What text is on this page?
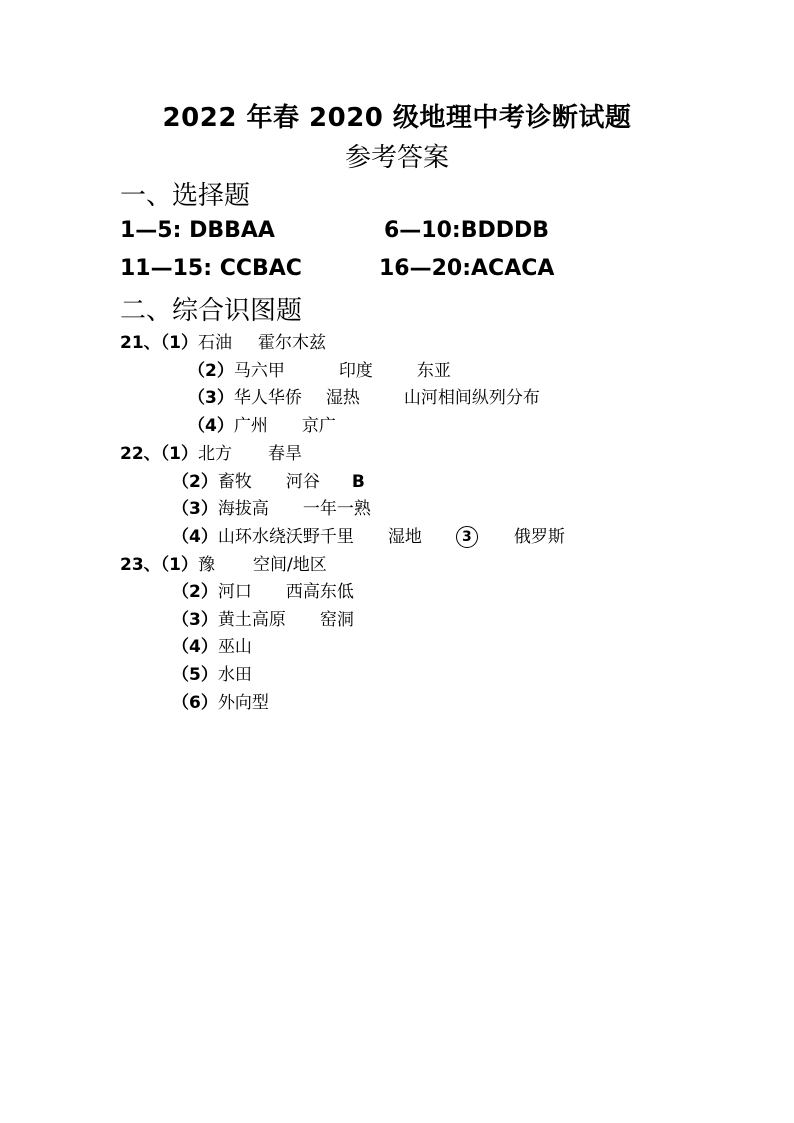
2022 年春 2020 级地理中考诊断试题
参考答案
一、选择题
1—5: DBBAA	6—10:BDDDB
11—15: CCBAC	16—20:ACACA
二、综合识图题
21、（1）石油 霍尔木兹
（2）马六甲	印度	东亚
（3）华人华侨 湿热	山河相间纵列分布
（4）广州 京广
22、（1）北方 春旱
（2）畜牧 河谷 B
（3）海拔高 一年一熟
（4）山环水绕沃野千里 湿地	3 俄罗斯
23、（1）豫 空间/地区
（2）河口 西高东低
（3）黄土高原 窑洞
（4）巫山
（5）水田
（6）外向型
